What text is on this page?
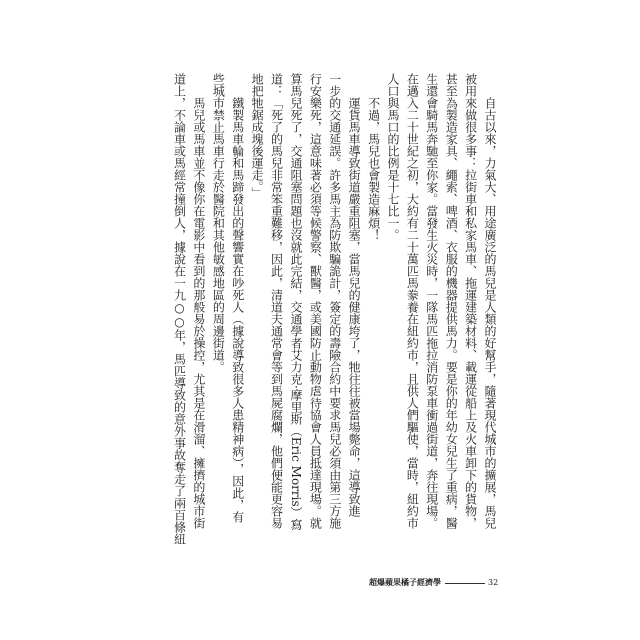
自古以來，力氣大、用途廣泛的馬兒是人類的好幫手，隨著現代城市的擴展，馬兒
被用來做很多事：拉街車和私家馬車、拖運建築材料、載運從船上及火車卸下的貨物，
甚至為製造家具、繩索、啤酒、衣服的機器提供馬力。要是你的年幼女兒生了重病，醫
生還會騎馬奔馳至你家。當發生火災時，一隊馬匹拖拉消防泵車衝過街道，奔往現場。
在邁入二十世紀之初，大約有二十萬匹馬豢養在紐約市，且供人們驅使，當時，紐約市
人口與馬口的比例是十七比一。
不過，馬兒也會製造麻煩！
運貨馬車導致街道嚴重阻塞，當馬兒的健康垮了，牠往往被當場斃命，這導致進
一步的交通延誤。許多馬主為防欺騙詭計，簽定的壽險合約中要求馬兒必須由第三方施
行安樂死，這意味著必須等候警察、獸醫，或美國防止動物虐待協會人員抵達現場。就
算馬兒死了，交通阻塞問題也沒就此完結，交通學者艾力克‧摩里斯（Eric Morris）寫
道：「死了的馬兒非常笨重難移，因此，清道夫通常會等到馬屍腐爛，他們便能更容易
地把牠鋸成塊後運走。」
鐵製馬車輪和馬蹄發出的聲響實在吵死人（據說導致很多人患精神病），因此，有
些城市禁止馬車行走於醫院和其他敏感地區的周邊街道。
馬兒或馬車並不像你在電影中看到的那般易於操控，尤其是在滑溜、擁擠的城市街
道上，不論車或馬經常撞倒人，據說在一九○○年，馬匹導致的意外事故奪走了兩百條紐
超爆蘋果橘子經濟學	32
